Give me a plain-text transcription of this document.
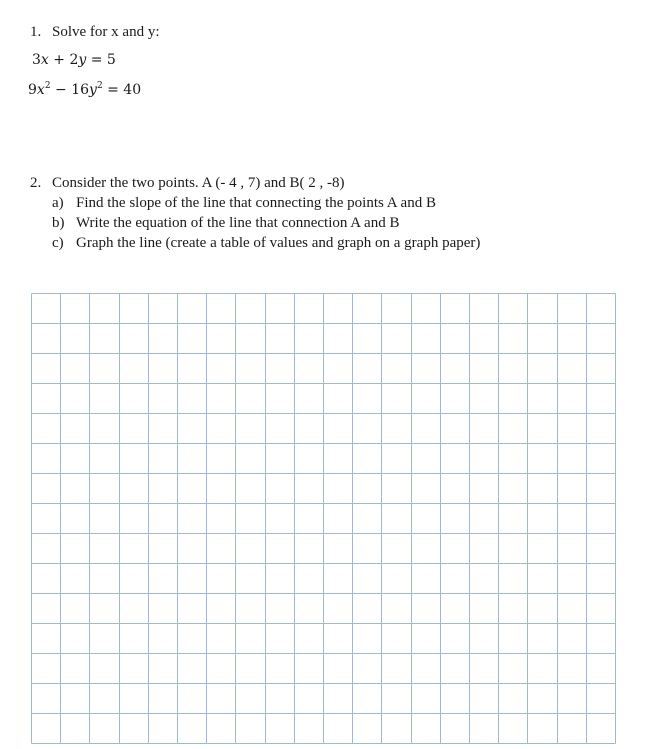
1. Solve for x and y:
3x + 2y = 5
$9x^2 - 16y^2 = 40$
2. Consider the two points. A (- 4 , 7) and B( 2 , -8)
a) Find the slope of the line that connecting the points A and B
b) Write the equation of the line that connection A and B
c) Graph the line (create a table of values and graph on a graph paper)
